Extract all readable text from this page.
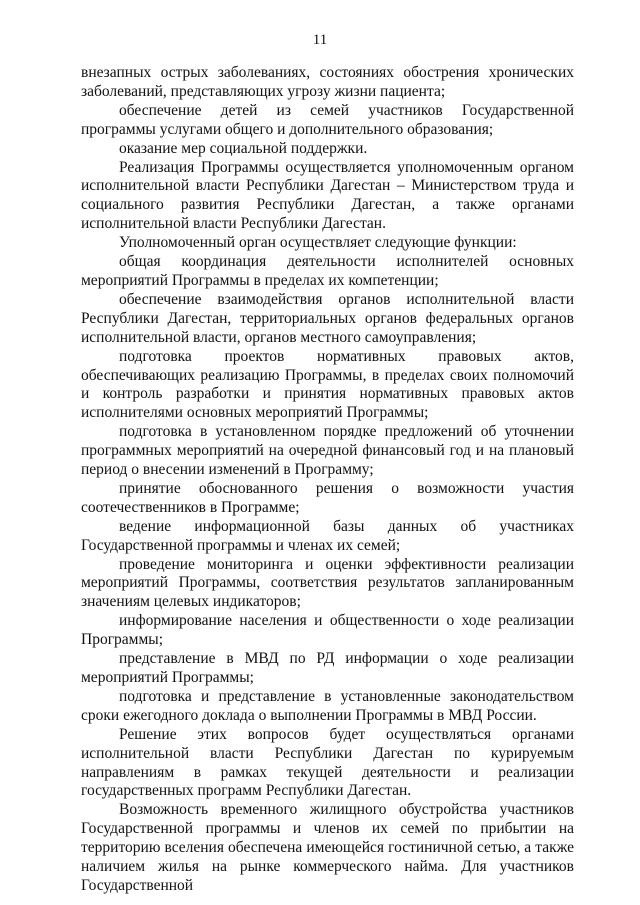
11

внезапных острых заболеваниях, состояниях обострения хронических заболеваний, представляющих угрозу жизни пациента;

обеспечение детей из семей участников Государственной программы услугами общего и дополнительного образования;

оказание мер социальной поддержки.

Реализация Программы осуществляется уполномоченным органом исполнительной власти Республики Дагестан – Министерством труда и социального развития Республики Дагестан, а также органами исполнительной власти Республики Дагестан.

Уполномоченный орган осуществляет следующие функции:

общая координация деятельности исполнителей основных мероприятий Программы в пределах их компетенции;

обеспечение взаимодействия органов исполнительной власти Республики Дагестан, территориальных органов федеральных органов исполнительной власти, органов местного самоуправления;

подготовка проектов нормативных правовых актов, обеспечивающих реализацию Программы, в пределах своих полномочий и контроль разработки и принятия нормативных правовых актов исполнителями основных мероприятий Программы;

подготовка в установленном порядке предложений об уточнении программных мероприятий на очередной финансовый год и на плановый период о внесении изменений в Программу;

принятие обоснованного решения о возможности участия соотечественников в Программе;

ведение информационной базы данных об участниках Государственной программы и членах их семей;

проведение мониторинга и оценки эффективности реализации мероприятий Программы, соответствия результатов запланированным значениям целевых индикаторов;

информирование населения и общественности о ходе реализации Программы;

представление в МВД по РД информации о ходе реализации мероприятий Программы;

подготовка и представление в установленные законодательством сроки ежегодного доклада о выполнении Программы в МВД России.

Решение этих вопросов будет осуществляться органами исполнительной власти Республики Дагестан по курируемым направлениям в рамках текущей деятельности и реализации государственных программ Республики Дагестан.

Возможность временного жилищного обустройства участников Государственной программы и членов их семей по прибытии на территорию вселения обеспечена имеющейся гостиничной сетью, а также наличием жилья на рынке коммерческого найма. Для участников Государственной
